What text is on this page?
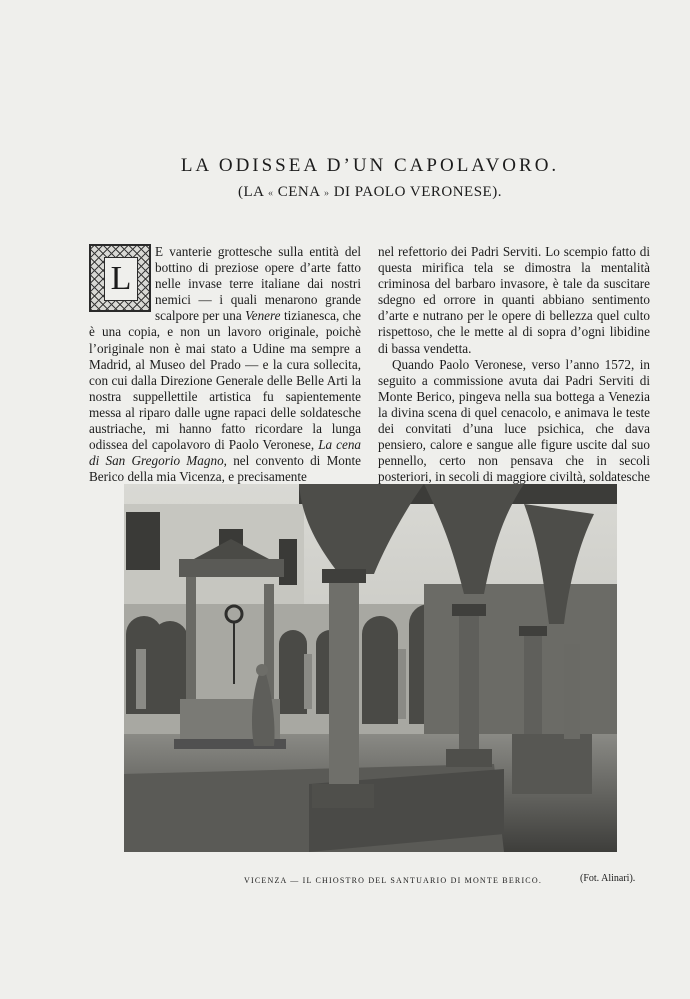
LA ODISSEA D’UN CAPOLAVORO.
(LA « CENA » DI PAOLO VERONESE).
L

E vanterie grottesche sulla entità del bottino di preziose opere d’arte fatto nelle invase terre italiane dai nostri nemici — i quali menarono grande scalpore per una Venere tizianesca, che è una copia, e non un lavoro originale, poichè l’originale non è mai stato a Udine ma sempre a Madrid, al Museo del Prado — e la cura sollecita, con cui dalla Direzione Generale delle Belle Arti la nostra suppellettile artistica fu sapientemente messa al riparo dalle ugne rapaci delle soldatesche austriache, mi hanno fatto ricordare la lunga odissea del capolavoro di Paolo Veronese, La cena di San Gregorio Magno, nel convento di Monte Berico della mia Vicenza, e precisamente

nel refettorio dei Padri Serviti. Lo scempio fatto di questa mirifica tela se dimostra la mentalità criminosa del barbaro invasore, è tale da suscitare sdegno ed orrore in quanti abbiano sentimento d’arte e nutrano per le opere di bellezza quel culto rispettoso, che le mette al di sopra d’ogni libidine di bassa vendetta.

Quando Paolo Veronese, verso l’anno 1572, in seguito a commissione avuta dai Padri Serviti di Monte Berico, pingeva nella sua bottega a Venezia la divina scena di quel cenacolo, e animava le teste dei convitati d’una luce psichica, che dava pensiero, calore e sangue alle figure uscite dal suo pennello, certo non pensava che in secoli posteriori, in secoli di maggiore civiltà, soldatesche

VICENZA — IL CHIOSTRO DEL SANTUARIO DI MONTE BERICO.	(Fot. Alinari).
